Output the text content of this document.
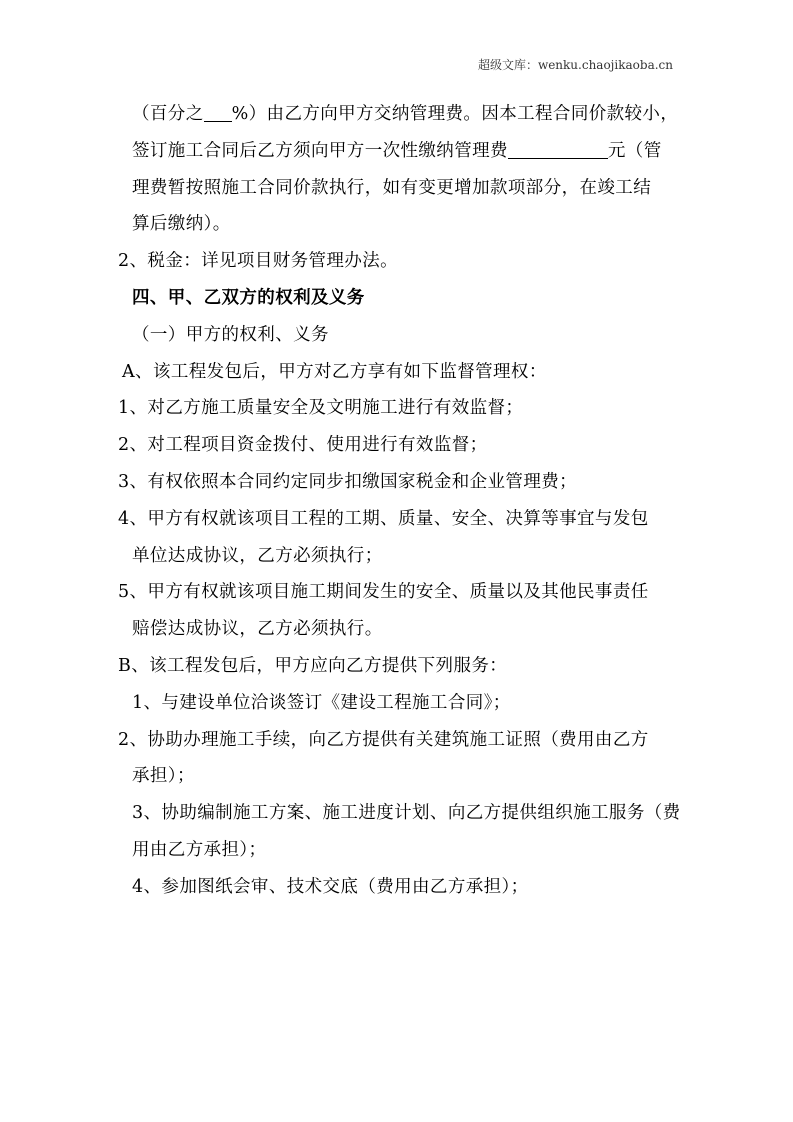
超级文库：wenku.chaojikaoba.cn

（百分之 %）由乙方向甲方交纳管理费。因本工程合同价款较小，

签订施工合同后乙方须向甲方一次性缴纳管理费	元（管

理费暂按照施工合同价款执行，如有变更增加款项部分，在竣工结

算后缴纳）。

2、税金：详见项目财务管理办法。

四、甲、乙双方的权利及义务

（一）甲方的权利、义务

A、该工程发包后，甲方对乙方享有如下监督管理权：

1、对乙方施工质量安全及文明施工进行有效监督；

2、对工程项目资金拨付、使用进行有效监督；

3、有权依照本合同约定同步扣缴国家税金和企业管理费；

4、甲方有权就该项目工程的工期、质量、安全、决算等事宜与发包

单位达成协议，乙方必须执行；

5、甲方有权就该项目施工期间发生的安全、质量以及其他民事责任

赔偿达成协议，乙方必须执行。

B、该工程发包后，甲方应向乙方提供下列服务：

1、与建设单位洽谈签订《建设工程施工合同》；

2、协助办理施工手续，向乙方提供有关建筑施工证照（费用由乙方

承担）；

3、协助编制施工方案、施工进度计划、向乙方提供组织施工服务（费

用由乙方承担）；

4、参加图纸会审、技术交底（费用由乙方承担）；
